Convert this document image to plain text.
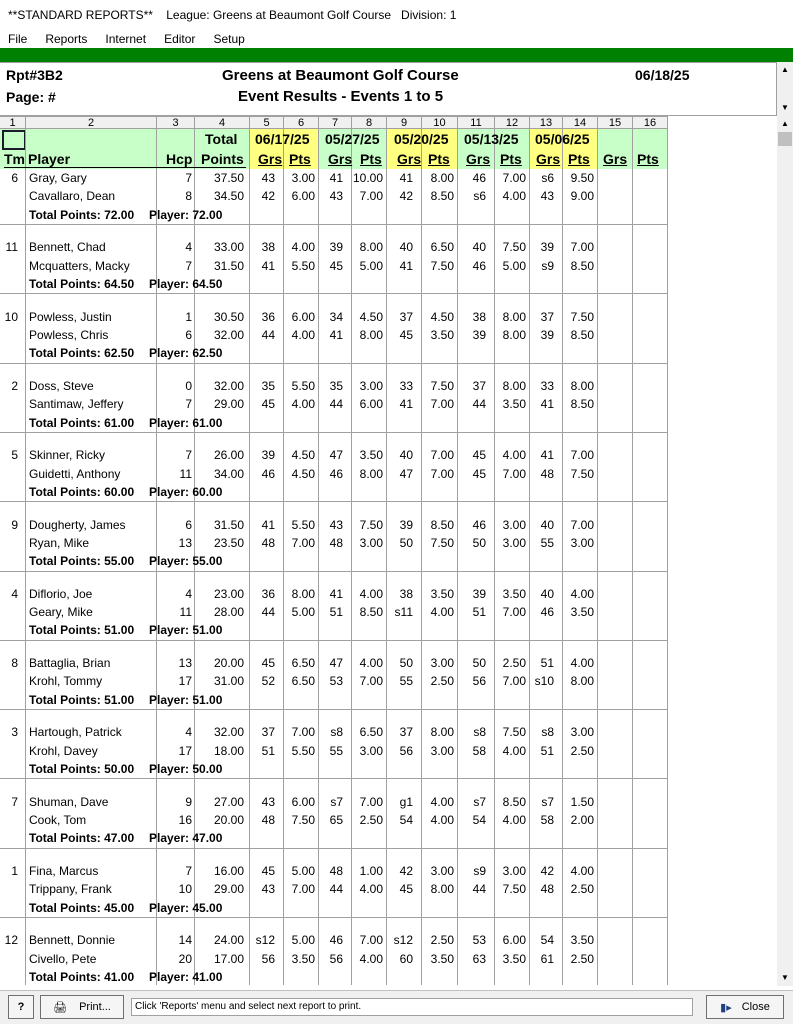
**STANDARD REPORTS**    League: Greens at Beaumont Golf Course   Division: 1
File	Reports	Internet	Editor	Setup
Rpt#3B2
Page: #
Greens at Beaumont Golf Course
Event Results - Events 1 to 5
06/18/25	▲
▼
1	2	3	4	5	6	7	8	9	10	11	12	13	14	15	16
Total
Tm Player	Hcp Points
06/17/25 05/27/25 05/20/25 05/13/25 05/06/25
Grs Pts Grs Pts Grs Pts Grs Pts Grs Pts Grs Pts
6 Gray, Gary	7	37.50	43	3.00	41 10.00	41	8.00	46	7.00	s6	9.50
Cavallaro, Dean	8	34.50	42	6.00	43	7.00	42	8.50	s6	4.00	43	9.00
Total Points: 72.00 Player: 72.00
11 Bennett, Chad	4	33.00	38	4.00	39	8.00	40	6.50	40	7.50	39	7.00
Mcquatters, Macky	7	31.50	41	5.50	45	5.00	41	7.50	46	5.00	s9	8.50
Total Points: 64.50 Player: 64.50
10 Powless, Justin	1	30.50	36	6.00	34	4.50	37	4.50	38	8.00	37	7.50
Powless, Chris	6	32.00	44	4.00	41	8.00	45	3.50	39	8.00	39	8.50
Total Points: 62.50 Player: 62.50
2 Doss, Steve	0	32.00	35	5.50	35	3.00	33	7.50	37	8.00	33	8.00
Santimaw, Jeffery	7	29.00	45	4.00	44	6.00	41	7.00	44	3.50	41	8.50
Total Points: 61.00 Player: 61.00
5 Skinner, Ricky	7	26.00	39	4.50	47	3.50	40	7.00	45	4.00	41	7.00
Guidetti, Anthony	11	34.00	46	4.50	46	8.00	47	7.00	45	7.00	48	7.50
Total Points: 60.00 Player: 60.00
9 Dougherty, James	6	31.50	41	5.50	43	7.50	39	8.50	46	3.00	40	7.00
Ryan, Mike	13	23.50	48	7.00	48	3.00	50	7.50	50	3.00	55	3.00
Total Points: 55.00 Player: 55.00
4 Diflorio, Joe	4	23.00	36	8.00	41	4.00	38	3.50	39	3.50	40	4.00
Geary, Mike	11	28.00	44	5.00	51	8.50 s11	4.00	51	7.00	46	3.50
Total Points: 51.00 Player: 51.00
8 Battaglia, Brian	13	20.00	45	6.50	47	4.00	50	3.00	50	2.50	51	4.00
Krohl, Tommy	17	31.00	52	6.50	53	7.00	55	2.50	56	7.00 s10	8.00
Total Points: 51.00 Player: 51.00
3 Hartough, Patrick	4	32.00	37	7.00	s8	6.50	37	8.00	s8	7.50	s8	3.00
Krohl, Davey	17	18.00	51	5.50	55	3.00	56	3.00	58	4.00	51	2.50
Total Points: 50.00 Player: 50.00
7 Shuman, Dave	9	27.00	43	6.00	s7	7.00	g1	4.00	s7	8.50	s7	1.50
Cook, Tom	16	20.00	48	7.50	65	2.50	54	4.00	54	4.00	58	2.00
Total Points: 47.00 Player: 47.00
1 Fina, Marcus	7	16.00	45	5.00	48	1.00	42	3.00	s9	3.00	42	4.00
Trippany, Frank	10	29.00	43	7.00	44	4.00	45	8.00	44	7.50	48	2.50
Total Points: 45.00 Player: 45.00
12 Bennett, Donnie	14	24.00 s12	5.00	46	7.00 s12	2.50	53	6.00	54	3.50
Civello, Pete	20	17.00	56	3.50	56	4.00	60	3.50	63	3.50	61	2.50
Total Points: 41.00 Player: 41.00
▲
▼
?	🖨 Print...	Click 'Reports' menu and select next report to print.	▮▸ Close
